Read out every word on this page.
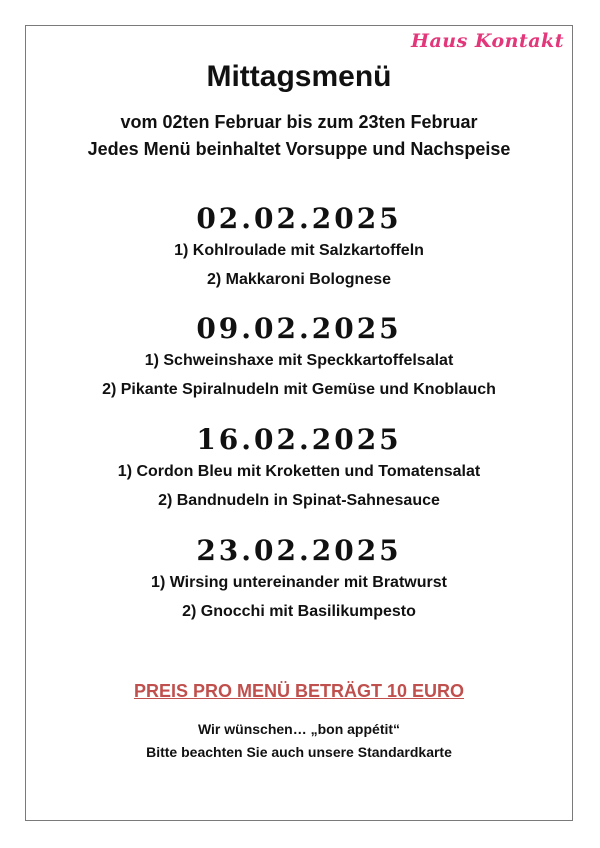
Haus Kontakt
Mittagsmenü
vom 02ten Februar bis zum 23ten Februar
Jedes Menü beinhaltet Vorsuppe und Nachspeise
02.02.2025
1) Kohlroulade mit Salzkartoffeln
2) Makkaroni Bolognese
09.02.2025
1) Schweinshaxe mit Speckkartoffelsalat
2) Pikante Spiralnudeln mit Gemüse und Knoblauch
16.02.2025
1) Cordon Bleu mit Kroketten und Tomatensalat
2) Bandnudeln in Spinat-Sahnesauce
23.02.2025
1) Wirsing untereinander mit Bratwurst
2) Gnocchi mit Basilikumpesto
PREIS PRO MENÜ BETRÄGT 10 EURO
Wir wünschen… „bon appétit“
Bitte beachten Sie auch unsere Standardkarte
